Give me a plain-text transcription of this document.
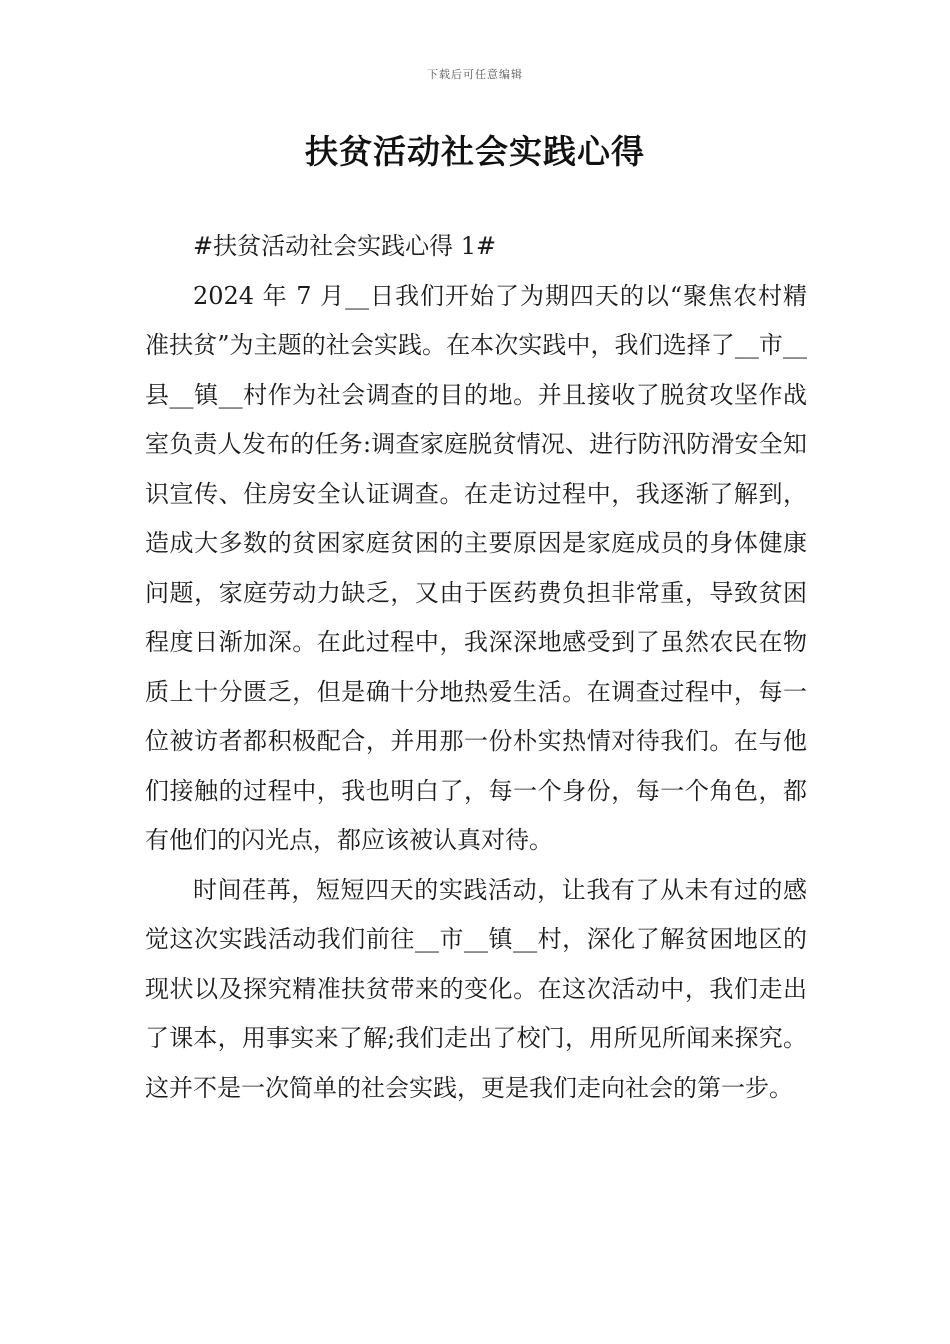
下载后可任意编辑
扶贫活动社会实践心得

#扶贫活动社会实践心得 1#

2024 年 7 月__日我们开始了为期四天的以“聚焦农村精准扶贫”为主题的社会实践。在本次实践中，我们选择了__市__县__镇__村作为社会调查的目的地。并且接收了脱贫攻坚作战室负责人发布的任务:调查家庭脱贫情况、进行防汛防滑安全知识宣传、住房安全认证调查。在走访过程中，我逐渐了解到，造成大多数的贫困家庭贫困的主要原因是家庭成员的身体健康问题，家庭劳动力缺乏，又由于医药费负担非常重，导致贫困程度日渐加深。在此过程中，我深深地感受到了虽然农民在物质上十分匮乏，但是确十分地热爱生活。在调查过程中，每一位被访者都积极配合，并用那一份朴实热情对待我们。在与他们接触的过程中，我也明白了，每一个身份，每一个角色，都有他们的闪光点，都应该被认真对待。

时间荏苒，短短四天的实践活动，让我有了从未有过的感觉这次实践活动我们前往__市__镇__村，深化了解贫困地区的现状以及探究精准扶贫带来的变化。在这次活动中，我们走出了课本，用事实来了解;我们走出了校门，用所见所闻来探究。这并不是一次简单的社会实践，更是我们走向社会的第一步。
